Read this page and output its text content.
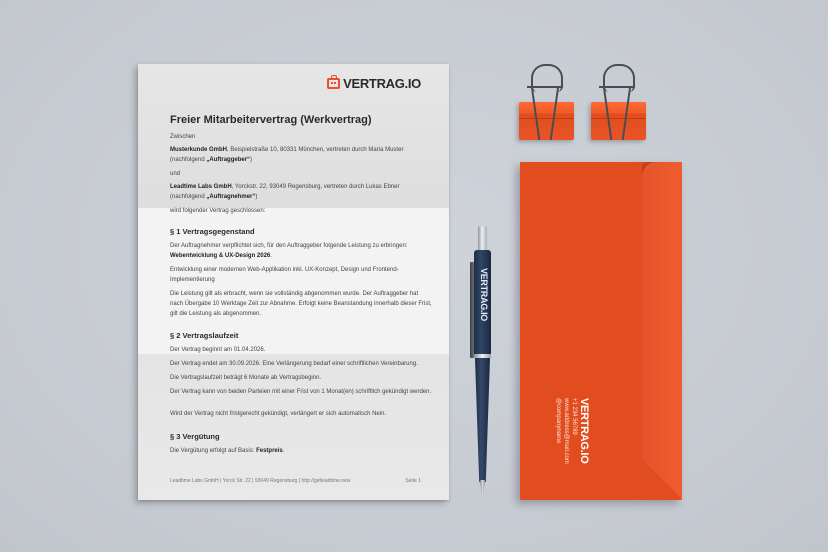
VERTRAG.IO
Freier Mitarbeitervertrag (Werkvertrag)
Zwischen
Musterkunde GmbH, Beispielstraße 10, 80331 München, vertreten durch Maria Muster
(nachfolgend „Auftraggeber“)
und
Leadtime Labs GmbH, Yorckstr. 22, 93049 Regensburg, vertreten durch Lukas Ebner
(nachfolgend „Auftragnehmer“)
wird folgender Vertrag geschlossen:
§ 1 Vertragsgegenstand
Der Auftragnehmer verpflichtet sich, für den Auftraggeber folgende Leistung zu erbringen:
Webentwicklung & UX-Design 2026.
Entwicklung einer modernen Web-Applikation inkl. UX-Konzept, Design und Frontend-Implementierung
Die Leistung gilt als erbracht, wenn sie vollständig abgenommen wurde. Der Auftraggeber hat nach Übergabe 10 Werktage Zeit zur Abnahme. Erfolgt keine Beanstandung innerhalb dieser Frist, gilt die Leistung als abgenommen.
§ 2 Vertragslaufzeit
Der Vertrag beginnt am 01.04.2026.
Der Vertrag endet am 30.09.2026. Eine Verlängerung bedarf einer schriftlichen Vereinbarung.
Die Vertragslaufzeit beträgt 6 Monate ab Vertragsbeginn.
Der Vertrag kann von beiden Parteien mit einer Frist von 1 Monat(en) schriftlich gekündigt werden.
Wird der Vertrag nicht fristgerecht gekündigt, verlängert er sich automatisch Nein.
§ 3 Vergütung
Die Vergütung erfolgt auf Basis: Festpreis.
Leadtime Labs GmbH | Yorck Str. 22 | 93049 Regensburg | http://getleadtime.new	Seite 1
VERTRAG.IO
VERTRAG.IO
+1 234 56789
www.address@mail.com
@companyname
